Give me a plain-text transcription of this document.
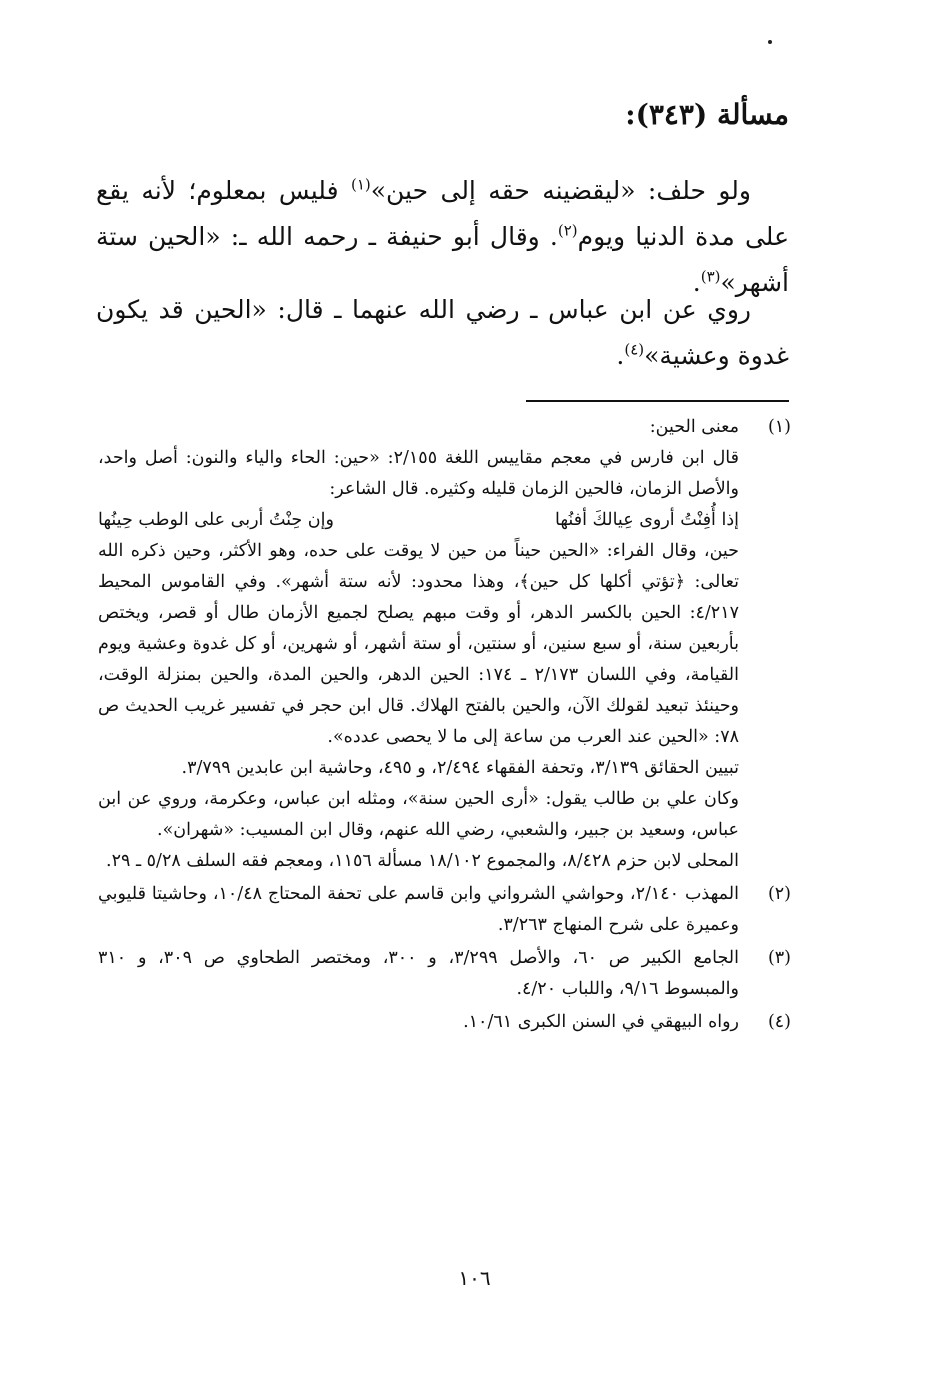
مسألة (٣٤٣):
ولو حلف: «ليقضينه حقه إلى حين»$^{(١)}$ فليس بمعلوم؛ لأنه يقع على مدة الدنيا ويوم$^{(٢)}$. وقال أبو حنيفة ـ رحمه الله ـ: «الحين ستة أشهر»$^{(٣)}$.
روي عن ابن عباس ـ رضي الله عنهما ـ قال: «الحين قد يكون غدوة وعشية»$^{(٤)}$.
(١)
معنى الحين:
قال ابن فارس في معجم مقاييس اللغة ٢/١٥٥: «حين: الحاء والياء والنون: أصل واحد، والأصل الزمان، فالحين الزمان قليله وكثيره. قال الشاعر:
إذا أُفِنْتُ أروى عِيالكَ أفنُها
وإن حِنْتُ أربى على الوطب حِينُها
حين، وقال الفراء: «الحين حيناً من حين لا يوقت على حده، وهو الأكثر، وحين ذكره الله تعالى: ﴿تؤتي أكلها كل حين﴾، وهذا محدود: لأنه ستة أشهر». وفي القاموس المحيط ٤/٢١٧: الحين بالكسر الدهر، أو وقت مبهم يصلح لجميع الأزمان طال أو قصر، ويختص بأربعين سنة، أو سبع سنين، أو سنتين، أو ستة أشهر، أو شهرين، أو كل غدوة وعشية ويوم القيامة، وفي اللسان ٢/١٧٣ ـ ١٧٤: الحين الدهر، والحين المدة، والحين بمنزلة الوقت، وحينئذ تبعيد لقولك الآن، والحين بالفتح الهلاك. قال ابن حجر في تفسير غريب الحديث ص ٧٨: «الحين عند العرب من ساعة إلى ما لا يحصى عدده».
تبيين الحقائق ٣/١٣٩، وتحفة الفقهاء ٢/٤٩٤، و ٤٩٥، وحاشية ابن عابدين ٣/٧٩٩.
وكان علي بن طالب يقول: «أرى الحين سنة»، ومثله ابن عباس، وعكرمة، وروي عن ابن عباس، وسعيد بن جبير، والشعبي، رضي الله عنهم، وقال ابن المسيب: «شهران».
المحلى لابن حزم ٨/٤٢٨، والمجموع ١٨/١٠٢ مسألة ١١٥٦، ومعجم فقه السلف ٥/٢٨ ـ ٢٩.
(٢)
المهذب ٢/١٤٠، وحواشي الشرواني وابن قاسم على تحفة المحتاج ١٠/٤٨، وحاشيتا قليوبي وعميرة على شرح المنهاج ٣/٢٦٣.
(٣)
الجامع الكبير ص ٦٠، والأصل ٣/٢٩٩، و ٣٠٠، ومختصر الطحاوي ص ٣٠٩، و ٣١٠ والمبسوط ٩/١٦، واللباب ٤/٢٠.
(٤)
رواه البيهقي في السنن الكبرى ١٠/٦١.
١٠٦
